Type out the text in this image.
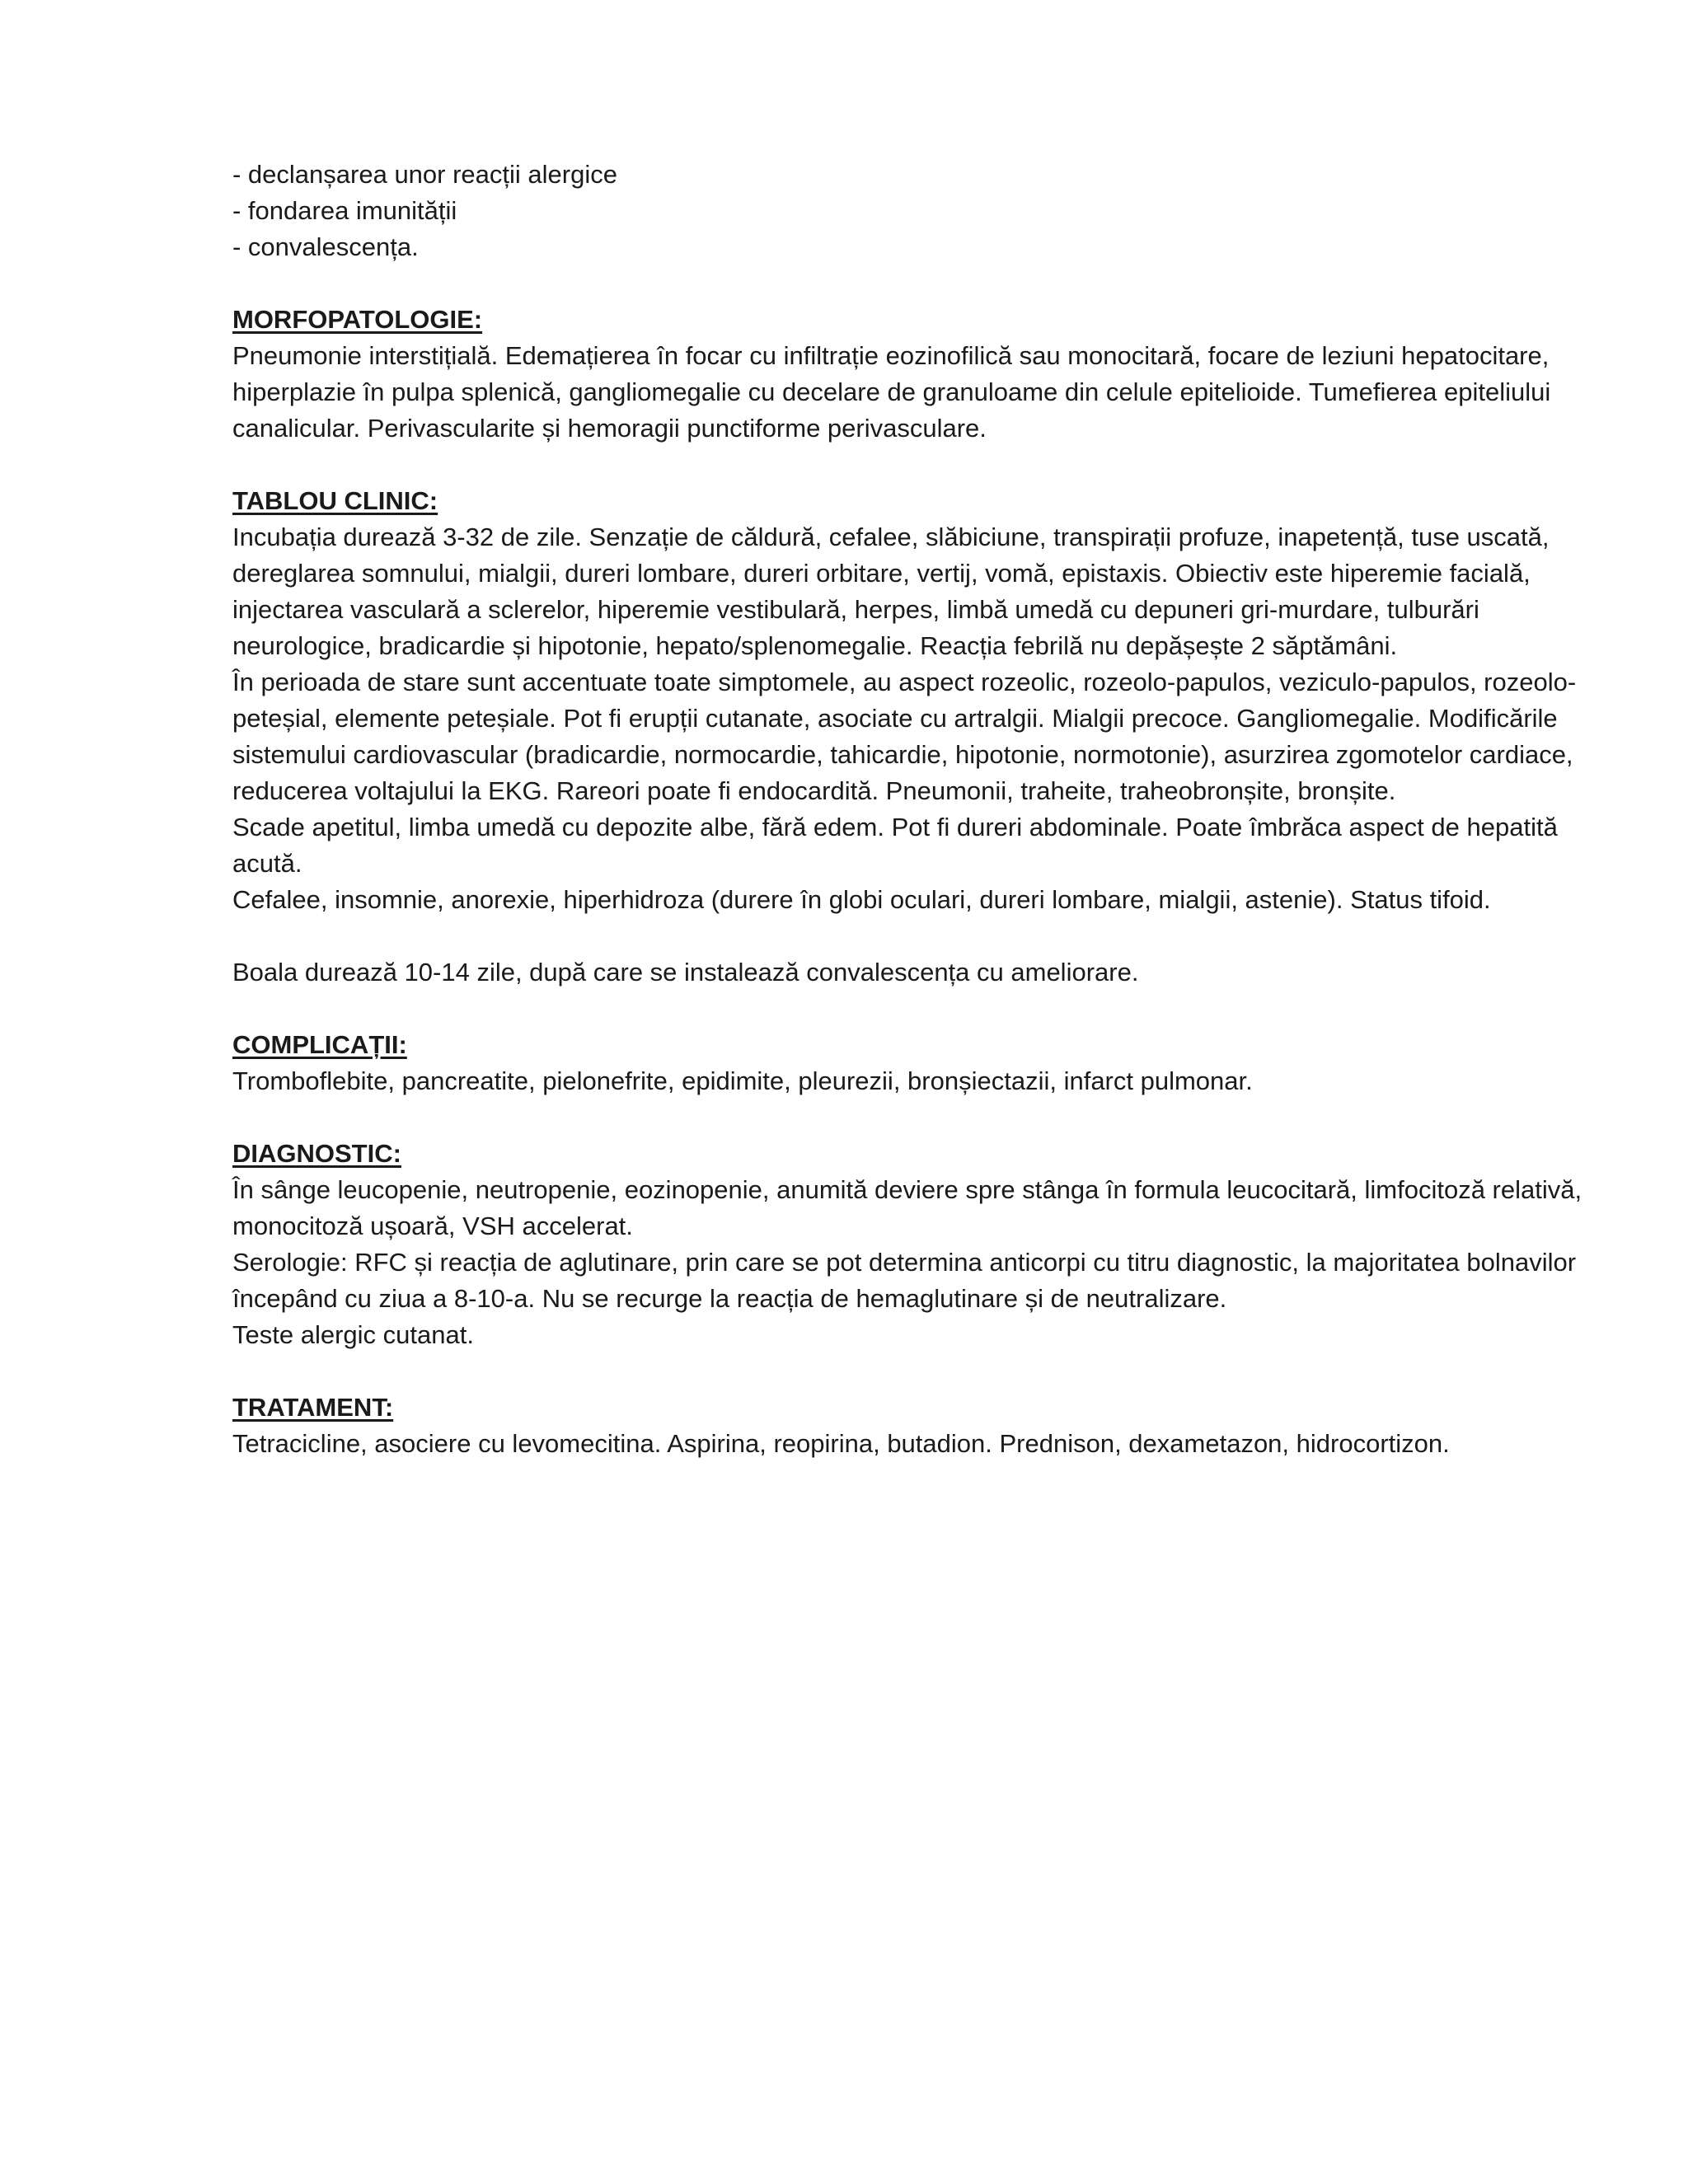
- declanșarea unor reacții alergice

- fondarea imunității

- convalescența.

MORFOPATOLOGIE:

Pneumonie interstițială. Edemațierea în focar cu infiltrație eozinofilică sau monocitară, focare de leziuni hepatocitare, hiperplazie în pulpa splenică, gangliomegalie cu decelare de granuloame din celule epitelioide. Tumefierea epiteliului canalicular. Perivascularite și hemoragii punctiforme perivasculare.

TABLOU CLINIC:

Incubația durează 3-32 de zile. Senzație de căldură, cefalee, slăbiciune, transpirații profuze, inapetență, tuse uscată, dereglarea somnului, mialgii, dureri lombare, dureri orbitare, vertij, vomă, epistaxis. Obiectiv este hiperemie facială, injectarea vasculară a sclerelor, hiperemie vestibulară, herpes, limbă umedă cu depuneri gri-murdare, tulburări neurologice, bradicardie și hipotonie, hepato/splenomegalie. Reacția febrilă nu depășește 2 săptămâni.

În perioada de stare sunt accentuate toate simptomele, au aspect rozeolic, rozeolo-papulos, veziculo-papulos, rozeolo-peteșial, elemente peteșiale. Pot fi erupții cutanate, asociate cu artralgii. Mialgii precoce. Gangliomegalie. Modificările sistemului cardiovascular (bradicardie, normocardie, tahicardie, hipotonie, normotonie), asurzirea zgomotelor cardiace, reducerea voltajului la EKG. Rareori poate fi endocardită. Pneumonii, traheite, traheobronșite, bronșite.

Scade apetitul, limba umedă cu depozite albe, fără edem. Pot fi dureri abdominale. Poate îmbrăca aspect de hepatită acută.

Cefalee, insomnie, anorexie, hiperhidroza (durere în globi oculari, dureri lombare, mialgii, astenie). Status tifoid.

Boala durează 10-14 zile, după care se instalează convalescența cu ameliorare.

COMPLICAȚII:

Tromboflebite, pancreatite, pielonefrite, epidimite, pleurezii, bronșiectazii, infarct pulmonar.

DIAGNOSTIC:

În sânge leucopenie, neutropenie, eozinopenie, anumită deviere spre stânga în formula leucocitară, limfocitoză relativă, monocitoză ușoară, VSH accelerat.

Serologie: RFC și reacția de aglutinare, prin care se pot determina anticorpi cu titru diagnostic, la majoritatea bolnavilor începând cu ziua a 8-10-a. Nu se recurge la reacția de hemaglutinare și de neutralizare.

Teste alergic cutanat.

TRATAMENT:

Tetracicline, asociere cu levomecitina. Aspirina, reopirina, butadion. Prednison, dexametazon, hidrocortizon.
